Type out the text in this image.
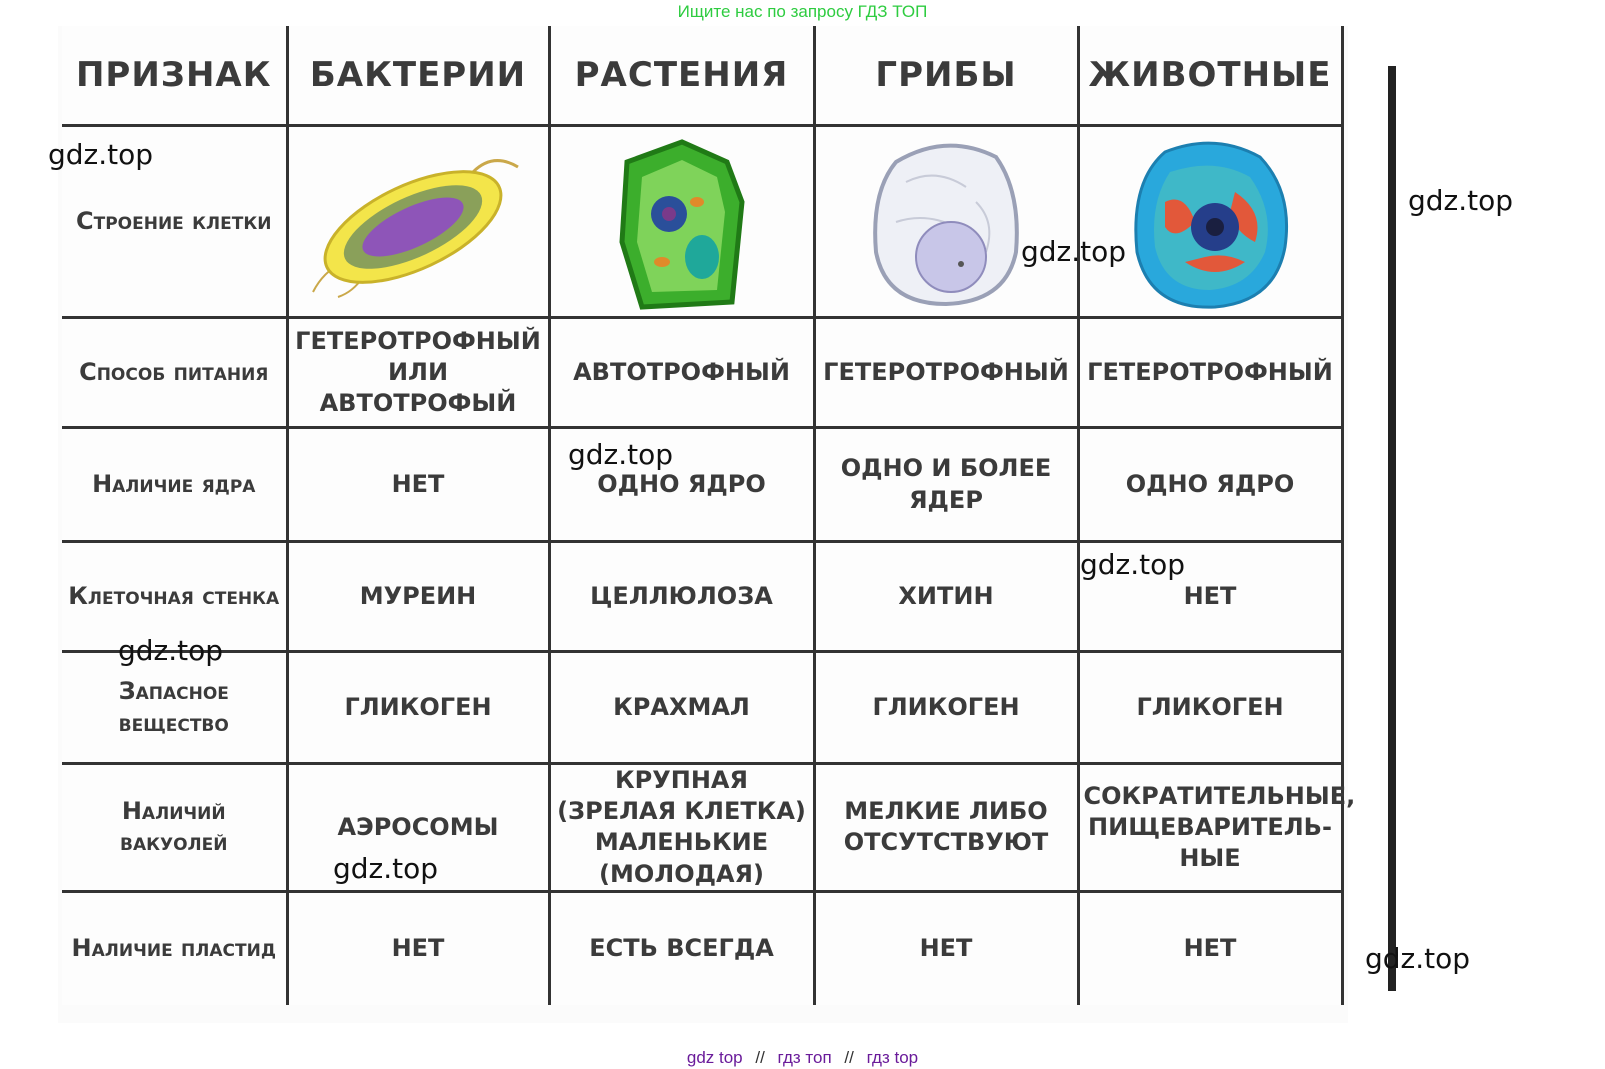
Ищите нас по запросу ГДЗ ТОП
ПРИЗНАК	БАКТЕРИИ	РАСТЕНИЯ	ГРИБЫ	ЖИВОТНЫЕ
Строение клетки	

Способ питания	ГЕТЕРОТРОФНЫЙ ИЛИ АВТОТРОФЫЙ	АВТОТРОФНЫЙ	ГЕТЕРОТРОФНЫЙ	ГЕТЕРОТРОФНЫЙ
Наличие ядра	НЕТ	ОДНО ЯДРО	ОДНО И БОЛЕЕ ЯДЕР	ОДНО ЯДРО
Клеточная стенка	МУРЕИН	ЦЕЛЛЮЛОЗА	ХИТИН	НЕТ
Запасное вещество	ГЛИКОГЕН	КРАХМАЛ	ГЛИКОГЕН	ГЛИКОГЕН
Наличий вакуолей	АЭРОСОМЫ	КРУПНАЯ (ЗРЕЛАЯ КЛЕТКА) МАЛЕНЬКИЕ (МОЛОДАЯ)	МЕЛКИЕ ЛИБО ОТСУТСТВУЮТ	СОКРАТИТЕЛЬНЫЕ, ПИЩЕВАРИТЕЛЬ-НЫЕ
Наличие пластид	НЕТ	ЕСТЬ ВСЕГДА	НЕТ	НЕТ
gdz.top
gdz.top
gdz.top
gdz.top
gdz.top
gdz.top
gdz.top
gdz.top
gdz top // гдз топ // гдз top
